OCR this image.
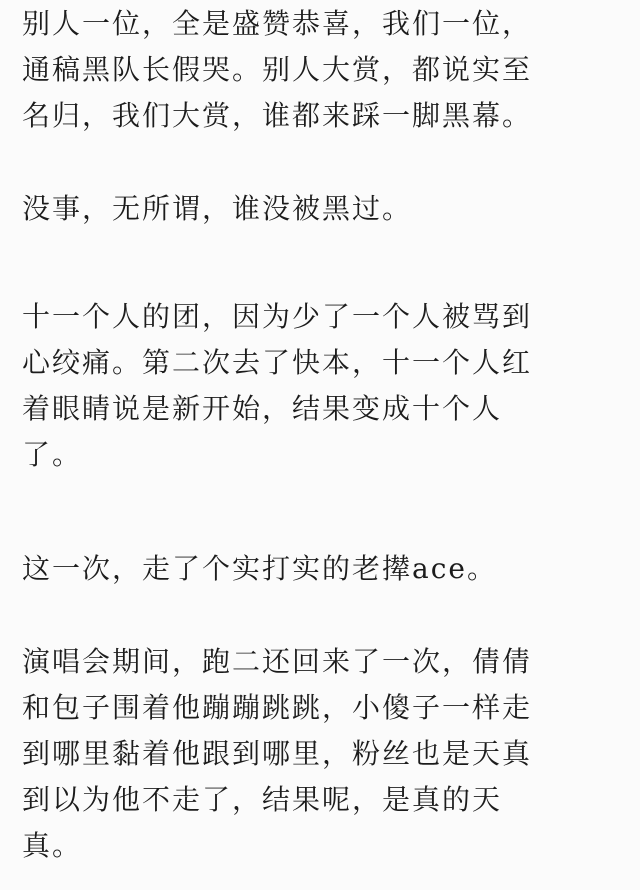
别人一位，全是盛赞恭喜，我们一位，
通稿黑队长假哭。别人大赏，都说实至
名归，我们大赏，谁都来踩一脚黑幕。
没事，无所谓，谁没被黑过。
十一个人的团，因为少了一个人被骂到
心绞痛。第二次去了快本，十一个人红
着眼睛说是新开始，结果变成十个人
了。
这一次，走了个实打实的老撵ace。
演唱会期间，跑二还回来了一次，倩倩
和包子围着他蹦蹦跳跳，小傻子一样走
到哪里黏着他跟到哪里，粉丝也是天真
到以为他不走了，结果呢，是真的天
真。
